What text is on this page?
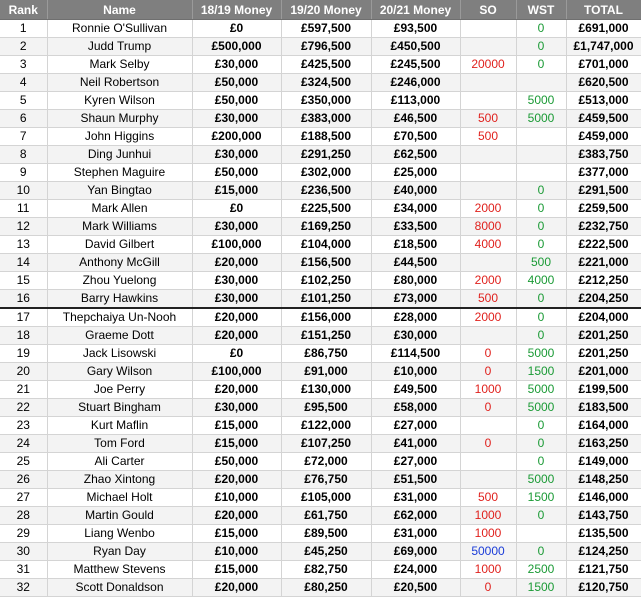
Rank	Name	18/19 Money	19/20 Money	20/21 Money	SO	WST	TOTAL
1	Ronnie O'Sullivan	£0	£597,500	£93,500		0	£691,000
2	Judd Trump	£500,000	£796,500	£450,500		0	£1,747,000
3	Mark Selby	£30,000	£425,500	£245,500	20000	0	£701,000
4	Neil Robertson	£50,000	£324,500	£246,000			£620,500
5	Kyren Wilson	£50,000	£350,000	£113,000		5000	£513,000
6	Shaun Murphy	£30,000	£383,000	£46,500	500	5000	£459,500
7	John Higgins	£200,000	£188,500	£70,500	500		£459,000
8	Ding Junhui	£30,000	£291,250	£62,500			£383,750
9	Stephen Maguire	£50,000	£302,000	£25,000			£377,000
10	Yan Bingtao	£15,000	£236,500	£40,000		0	£291,500
11	Mark Allen	£0	£225,500	£34,000	2000	0	£259,500
12	Mark Williams	£30,000	£169,250	£33,500	8000	0	£232,750
13	David Gilbert	£100,000	£104,000	£18,500	4000	0	£222,500
14	Anthony McGill	£20,000	£156,500	£44,500		500	£221,000
15	Zhou Yuelong	£30,000	£102,250	£80,000	2000	4000	£212,250
16	Barry Hawkins	£30,000	£101,250	£73,000	500	0	£204,250
17	Thepchaiya Un-Nooh	£20,000	£156,000	£28,000	2000	0	£204,000
18	Graeme Dott	£20,000	£151,250	£30,000		0	£201,250
19	Jack Lisowski	£0	£86,750	£114,500	0	5000	£201,250
20	Gary Wilson	£100,000	£91,000	£10,000	0	1500	£201,000
21	Joe Perry	£20,000	£130,000	£49,500	1000	5000	£199,500
22	Stuart Bingham	£30,000	£95,500	£58,000	0	5000	£183,500
23	Kurt Maflin	£15,000	£122,000	£27,000		0	£164,000
24	Tom Ford	£15,000	£107,250	£41,000	0	0	£163,250
25	Ali Carter	£50,000	£72,000	£27,000		0	£149,000
26	Zhao Xintong	£20,000	£76,750	£51,500		5000	£148,250
27	Michael Holt	£10,000	£105,000	£31,000	500	1500	£146,000
28	Martin Gould	£20,000	£61,750	£62,000	1000	0	£143,750
29	Liang Wenbo	£15,000	£89,500	£31,000	1000		£135,500
30	Ryan Day	£10,000	£45,250	£69,000	50000	0	£124,250
31	Matthew Stevens	£15,000	£82,750	£24,000	1000	2500	£121,750
32	Scott Donaldson	£20,000	£80,250	£20,500	0	1500	£120,750
